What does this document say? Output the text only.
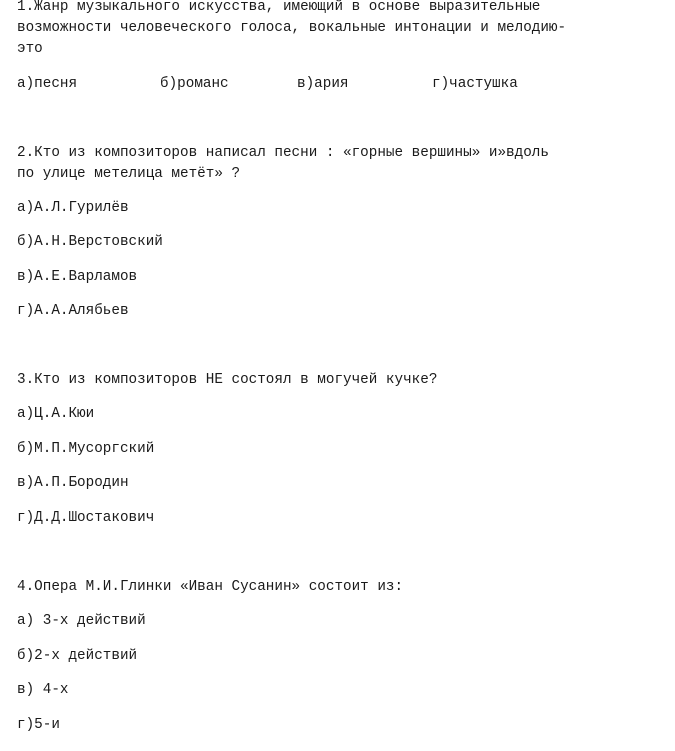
1.Жанр музыкального искусства, имеющий в основе выразительные
возможности человеческого голоса, вокальные интонации и мелодию-
это
а)песня	б)романс	в)ария	г)частушка
2.Кто из композиторов написал песни : «горные вершины» и»вдоль
по улице метелица метёт» ?
а)А.Л.Гурилёв
б)А.Н.Верстовский
в)А.Е.Варламов
г)А.А.Алябьев
3.Кто из композиторов НЕ состоял в могучей кучке?
а)Ц.А.Кюи
б)М.П.Мусоргский
в)А.П.Бородин
г)Д.Д.Шостакович
4.Опера М.И.Глинки «Иван Сусанин» состоит из:
а) 3-х действий
б)2-х действий
в) 4-х
г)5-и
